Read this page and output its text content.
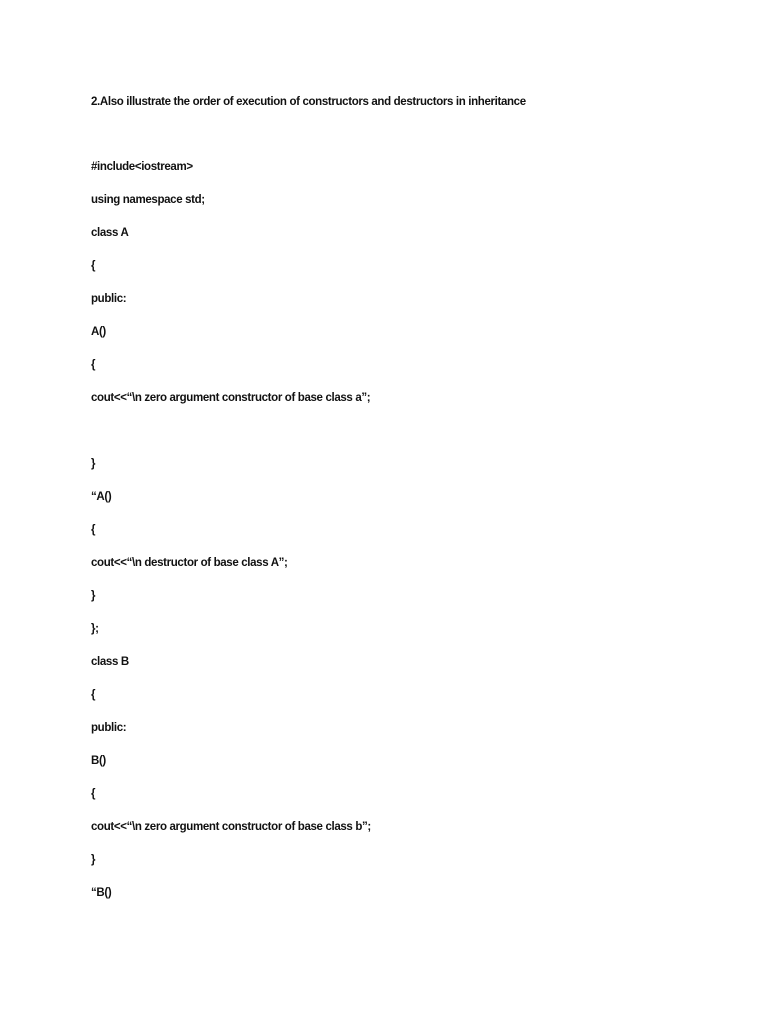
2.Also illustrate the order of execution of constructors and destructors in inheritance
#include<iostream>
using namespace std;
class A
{
public:
A()
{
cout<<“\n zero argument constructor of base class a”;
}
“A()
{
cout<<“\n destructor of base class A”;
}
};
class B
{
public:
B()
{
cout<<“\n zero argument constructor of base class b”;
}
“B()
